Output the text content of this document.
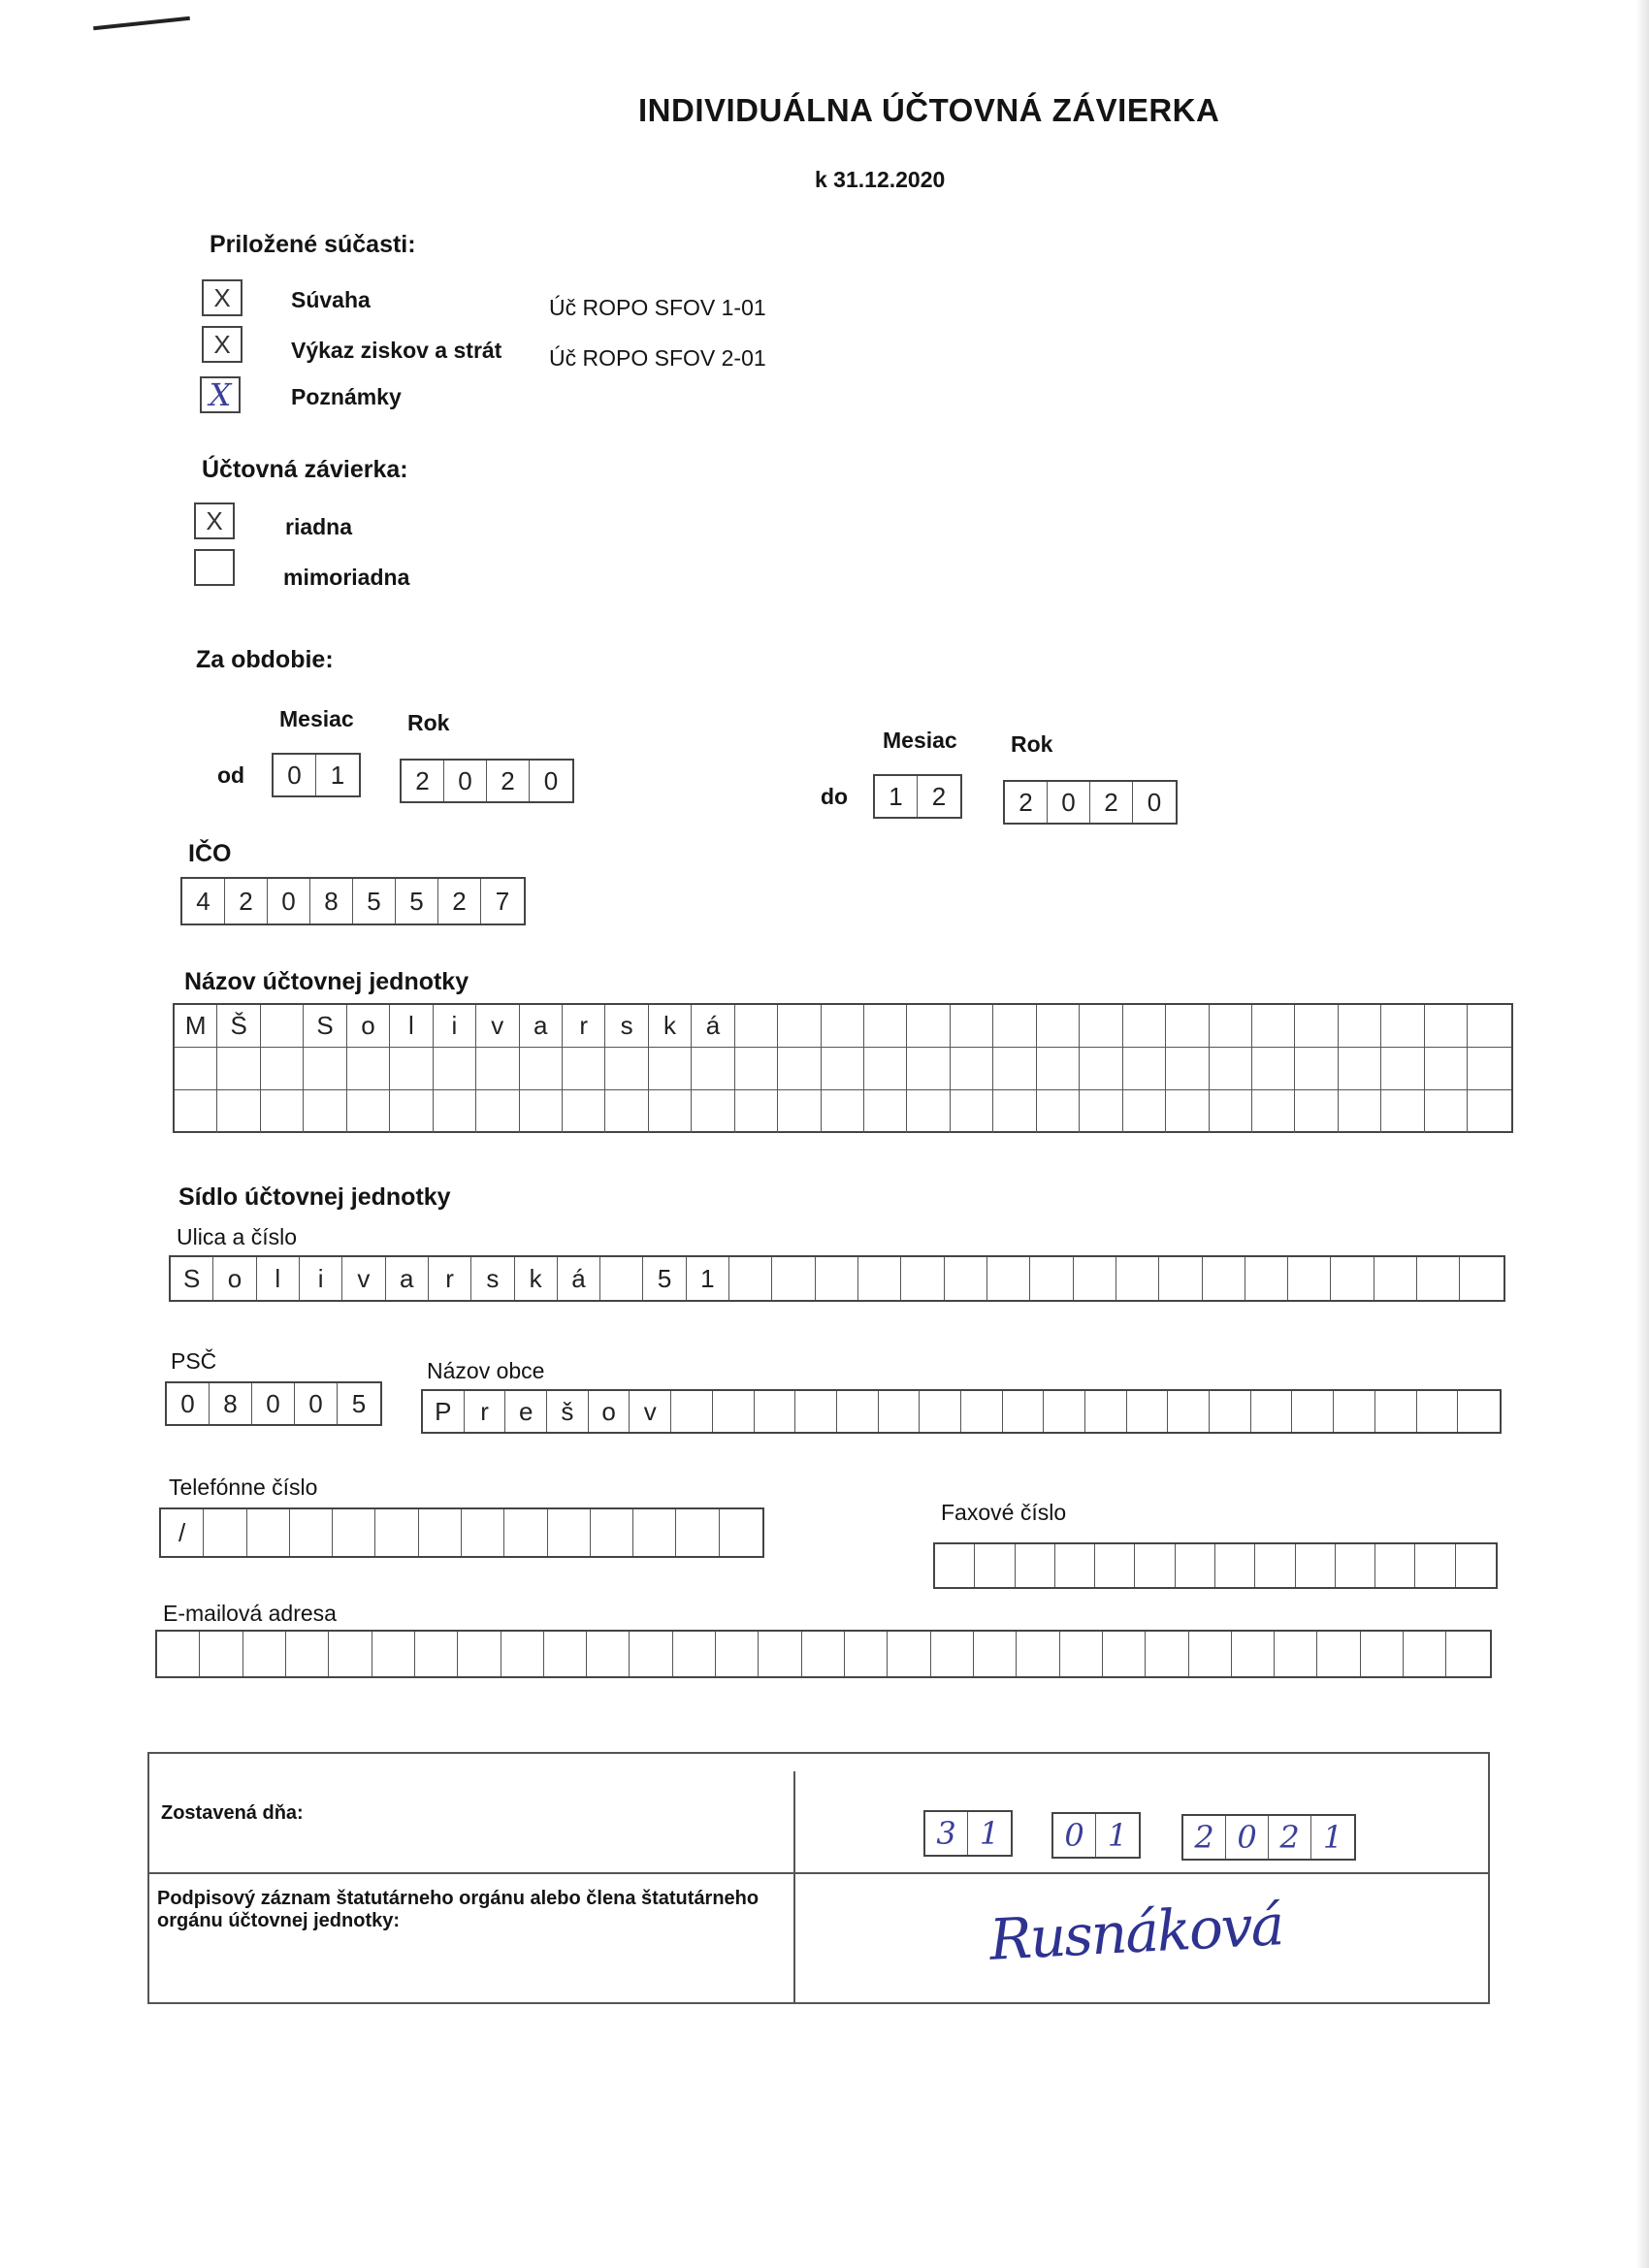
INDIVIDUÁLNA ÚČTOVNÁ ZÁVIERKA
k 31.12.2020
Priložené súčasti:
X	Súvaha	Úč ROPO SFOV 1-01
X	Výkaz ziskov a strát Úč ROPO SFOV 2-01
X	Poznámky
Účtovná závierka:
X	riadna
mimoriadna
Za obdobie:
Mesiac Rok
od	0	1	2	0	2	0
Mesiac Rok
do	1	2	2	0	2	0
IČO
4	2	0	8	5	5	2	7
Názov účtovnej jednotky
M Š	S	o	l	i	v	a	r	s	k	á
Sídlo účtovnej jednotky
Ulica a číslo
S	o	l	i	v	a	r	s	k	á	5	1
PSČ
0	8	0	0	5
Názov obce
P	r	e	š	o	v
Telefónne číslo
/
Faxové číslo
E-mailová adresa
Zostavená dňa:
3 1	0 1	2 0 2 1
Podpisový záznam štatutárneho orgánu alebo člena štatutárneho orgánu účtovnej jednotky:	Rusnáková
